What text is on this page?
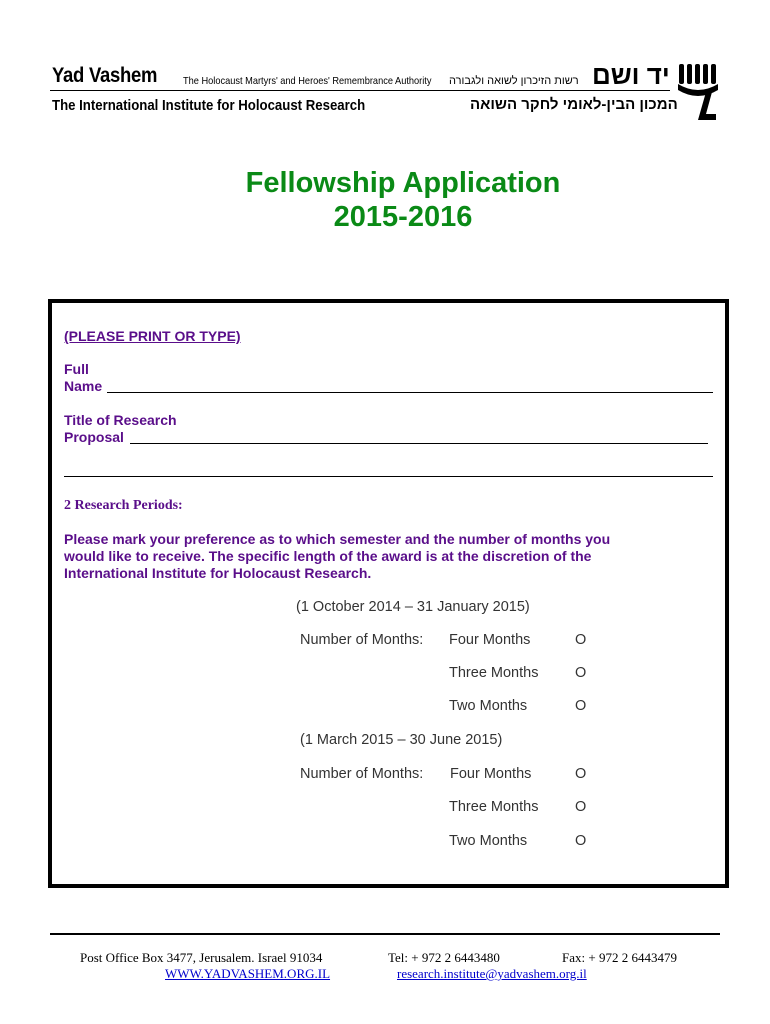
Yad Vashem The Holocaust Martyrs' and Heroes' Remembrance Authority רשות הזיכרון לשואה ולגבורה יד ושם
The International Institute for Holocaust Research	המכון הבין-לאומי לחקר השואה
Fellowship Application
2015-2016
(PLEASE PRINT OR TYPE)
Full
Name
Title of Research
Proposal
2 Research Periods:
Please mark your preference as to which semester and the number of months you
would like to receive. The specific length of the award is at the discretion of the
International Institute for Holocaust Research.
(1 October 2014 – 31 January 2015)
Number of Months: Four Months	O
Three Months	O
Two Months	O
(1 March 2015 – 30 June 2015)
Number of Months: Four Months	O
Three Months	O
Two Months	O
Post Office Box 3477, Jerusalem. Israel 91034
WWW.YADVASHEM.ORG.IL
Tel: + 972 2 6443480	Fax: + 972 2 6443479
research.institute@yadvashem.org.il
